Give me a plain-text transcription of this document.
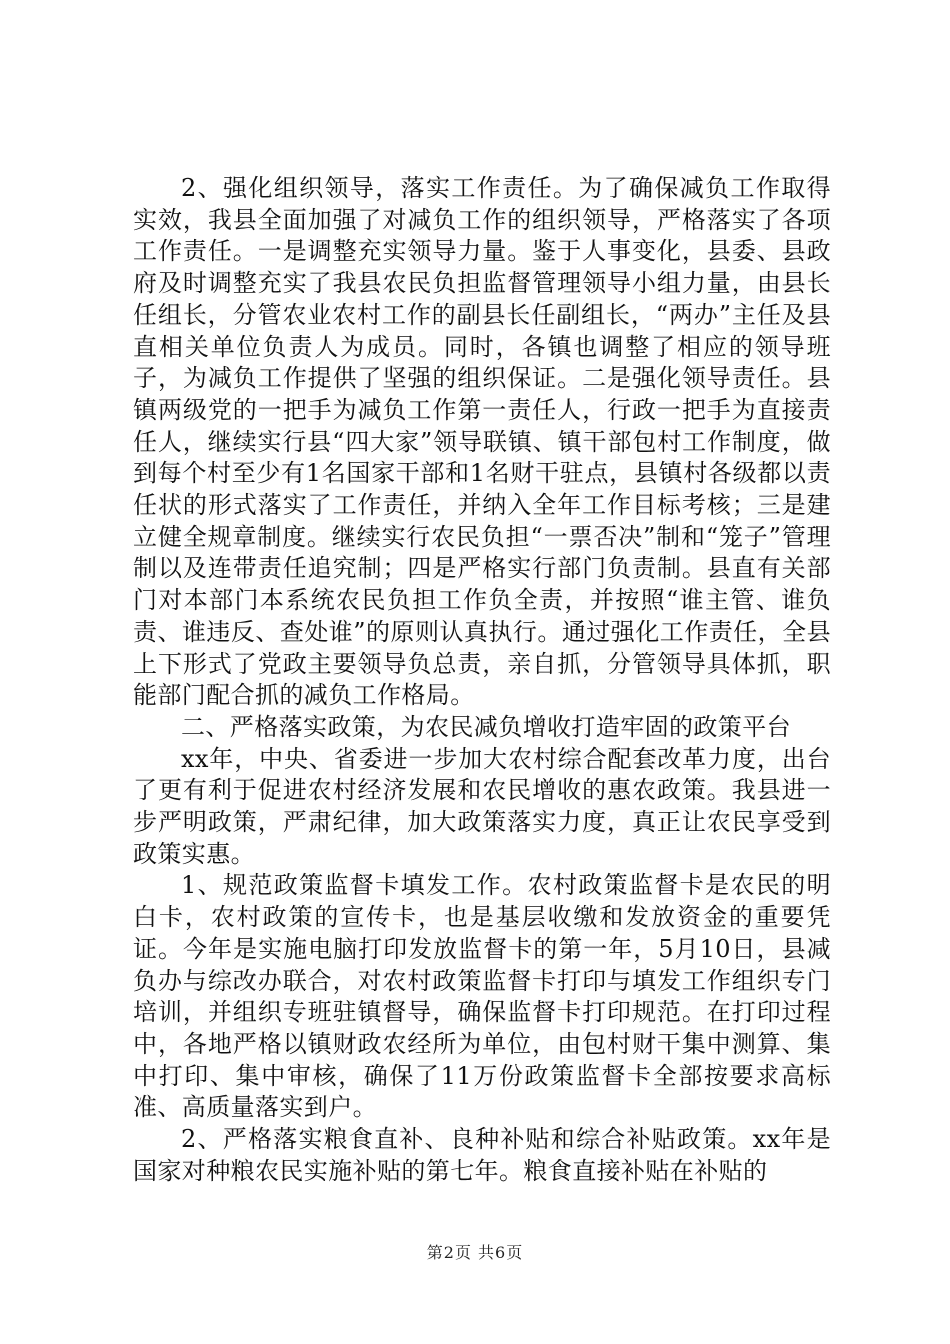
2、强化组织领导，落实工作责任。为了确保减负工作取得实效，我县全面加强了对减负工作的组织领导，严格落实了各项工作责任。一是调整充实领导力量。鉴于人事变化，县委、县政府及时调整充实了我县农民负担监督管理领导小组力量，由县长任组长，分管农业农村工作的副县长任副组长，“两办”主任及县直相关单位负责人为成员。同时，各镇也调整了相应的领导班子，为减负工作提供了坚强的组织保证。二是强化领导责任。县镇两级党的一把手为减负工作第一责任人，行政一把手为直接责任人，继续实行县“四大家”领导联镇、镇干部包村工作制度，做到每个村至少有1名国家干部和1名财干驻点，县镇村各级都以责任状的形式落实了工作责任，并纳入全年工作目标考核；三是建立健全规章制度。继续实行农民负担“一票否决”制和“笼子”管理制以及连带责任追究制；四是严格实行部门负责制。县直有关部门对本部门本系统农民负担工作负全责，并按照“谁主管、谁负责、谁违反、查处谁”的原则认真执行。通过强化工作责任，全县上下形式了党政主要领导负总责，亲自抓，分管领导具体抓，职能部门配合抓的减负工作格局。

二、严格落实政策，为农民减负增收打造牢固的政策平台

xx年，中央、省委进一步加大农村综合配套改革力度，出台了更有利于促进农村经济发展和农民增收的惠农政策。我县进一步严明政策，严肃纪律，加大政策落实力度，真正让农民享受到政策实惠。

1、规范政策监督卡填发工作。农村政策监督卡是农民的明白卡，农村政策的宣传卡，也是基层收缴和发放资金的重要凭证。今年是实施电脑打印发放监督卡的第一年，5月10日，县减负办与综改办联合，对农村政策监督卡打印与填发工作组织专门培训，并组织专班驻镇督导，确保监督卡打印规范。在打印过程中，各地严格以镇财政农经所为单位，由包村财干集中测算、集中打印、集中审核，确保了11万份政策监督卡全部按要求高标准、高质量落实到户。

2、严格落实粮食直补、良种补贴和综合补贴政策。xx年是国家对种粮农民实施补贴的第七年。粮食直接补贴在补贴的

第2页 共6页
